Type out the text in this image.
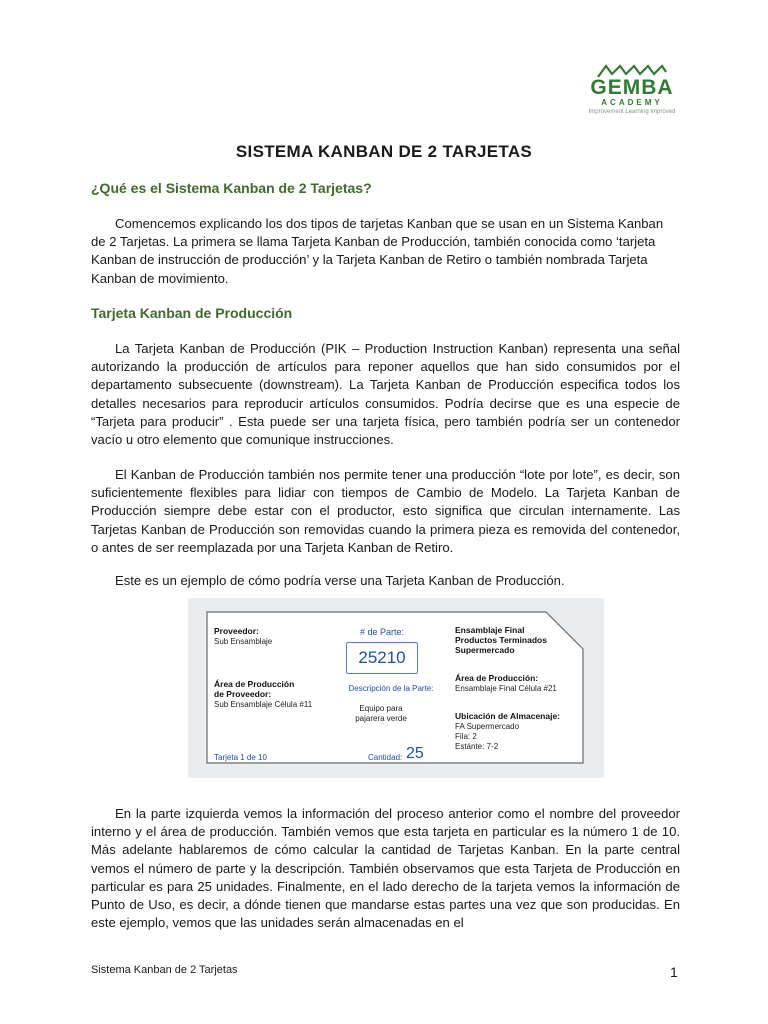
GEMBA
ACADEMY
Improvement Learning Improved
SISTEMA KANBAN DE 2 TARJETAS
¿Qué es el Sistema Kanban de 2 Tarjetas?

Comencemos explicando los dos tipos de tarjetas Kanban que se usan en un Sistema Kanban de 2 Tarjetas. La primera se llama Tarjeta Kanban de Producción, también conocida como ‘tarjeta Kanban de instrucción de producción’ y la Tarjeta Kanban de Retiro o también nombrada Tarjeta Kanban de movimiento.

Tarjeta Kanban de Producción

La Tarjeta Kanban de Producción (PIK – Production Instruction Kanban) representa una señal autorizando la producción de artículos para reponer aquellos que han sido consumidos por el departamento subsecuente (downstream). La Tarjeta Kanban de Producción especifica todos los detalles necesarios para reproducir artículos consumidos. Podría decirse que es una especie de “Tarjeta para producir” . Esta puede ser una tarjeta física, pero también podría ser un contenedor vacío u otro elemento que comunique instrucciones.

El Kanban de Producción también nos permite tener una producción “lote por lote”, es decir, son suficientemente flexibles para lidiar con tiempos de Cambio de Modelo. La Tarjeta Kanban de Producción siempre debe estar con el productor, esto significa que circulan internamente. Las Tarjetas Kanban de Producción son removidas cuando la primera pieza es removida del contenedor, o antes de ser reemplazada por una Tarjeta Kanban de Retiro.

Este es un ejemplo de cómo podría verse una Tarjeta Kanban de Producción.

Proveedor:
Sub Ensamblaje
Área de Producción
de Proveedor:
Sub Ensamblaje Célula #11
Tarjeta 1 de 10
# de Parte:
25210
Descripción de la Parte:
Equipo para
pajarera verde
Cantidad: 25
Ensamblaje Final
Productos Terminados
Supermercado
Área de Producción:
Ensamblaje Final Célula #21
Ubicación de Almacenaje:
FA Supermercado
Fila: 2
Estánte: 7-2

En la parte izquierda vemos la información del proceso anterior como el nombre del proveedor interno y el área de producción. También vemos que esta tarjeta en particular es la número 1 de 10. Más adelante hablaremos de cómo calcular la cantidad de Tarjetas Kanban. En la parte central vemos el número de parte y la descripción. También observamos que esta Tarjeta de Producción en particular es para 25 unidades. Finalmente, en el lado derecho de la tarjeta vemos la información de Punto de Uso, es decir, a dónde tienen que mandarse estas partes una vez que son producidas. En este ejemplo, vemos que las unidades serán almacenadas en el

Sistema Kanban de 2 Tarjetas	1
